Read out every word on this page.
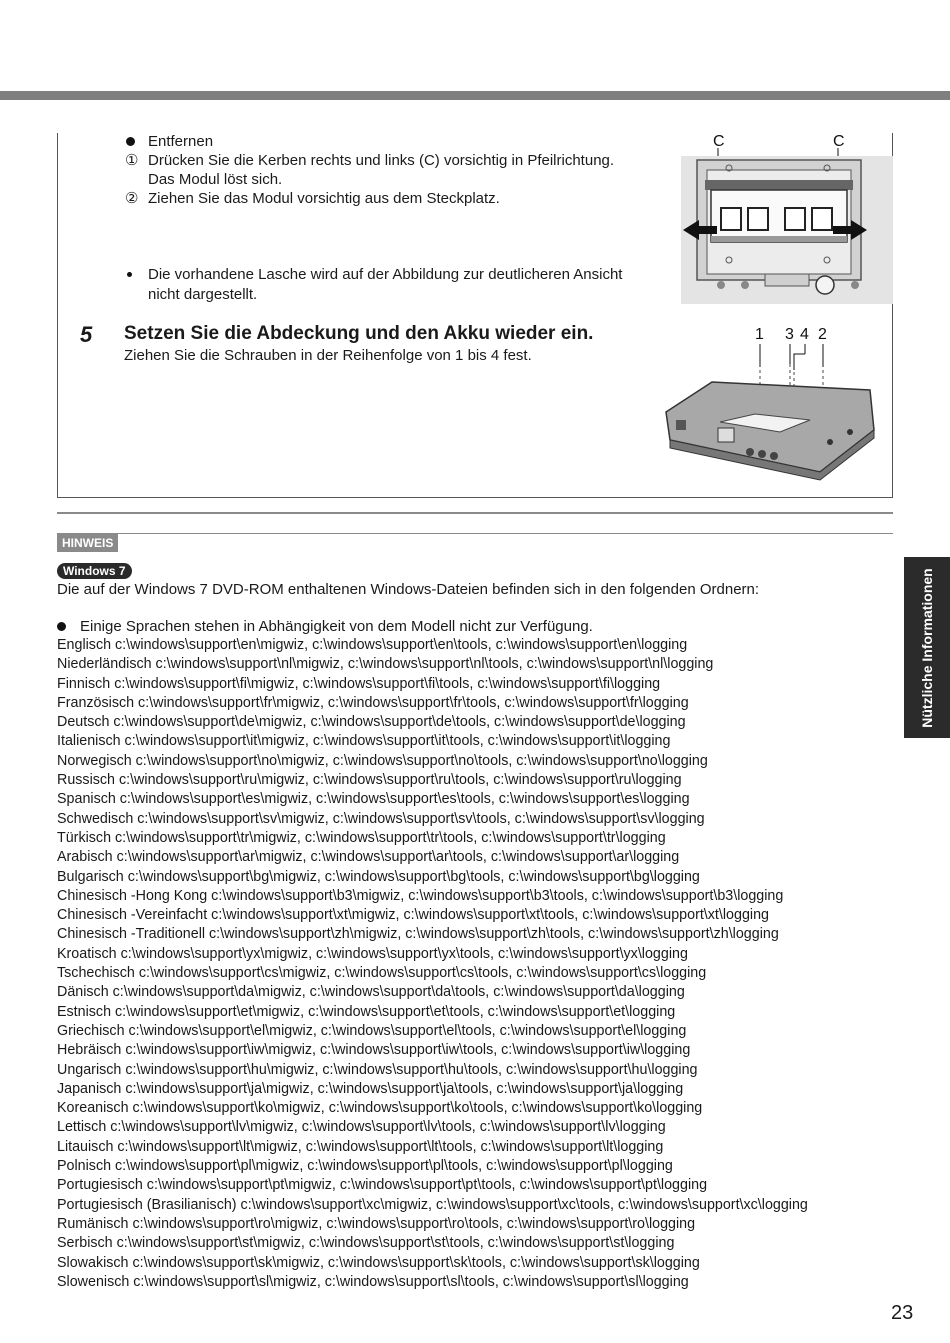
Entfernen
① Drücken Sie die Kerben rechts und links (C) vorsichtig in Pfeilrichtung.
Das Modul löst sich.
② Ziehen Sie das Modul vorsichtig aus dem Steckplatz.
Die vorhandene Lasche wird auf der Abbildung zur deutlicheren Ansicht
nicht dargestellt.
C	C
5 Setzen Sie die Abdeckung und den Akku wieder ein.
Ziehen Sie die Schrauben in der Reihenfolge von 1 bis 4 fest.
1 3 4 2
HINWEIS
Windows 7
Die auf der Windows 7 DVD-ROM enthaltenen Windows-Dateien befinden sich in den folgenden Ordnern:
Einige Sprachen stehen in Abhängigkeit von dem Modell nicht zur Verfügung.
Englisch c:\windows\support\en\migwiz, c:\windows\support\en\tools, c:\windows\support\en\logging
Niederländisch c:\windows\support\nl\migwiz, c:\windows\support\nl\tools, c:\windows\support\nl\logging
Finnisch c:\windows\support\fi\migwiz, c:\windows\support\fi\tools, c:\windows\support\fi\logging
Französisch c:\windows\support\fr\migwiz, c:\windows\support\fr\tools, c:\windows\support\fr\logging
Deutsch c:\windows\support\de\migwiz, c:\windows\support\de\tools, c:\windows\support\de\logging
Italienisch c:\windows\support\it\migwiz, c:\windows\support\it\tools, c:\windows\support\it\logging
Norwegisch c:\windows\support\no\migwiz, c:\windows\support\no\tools, c:\windows\support\no\logging
Russisch c:\windows\support\ru\migwiz, c:\windows\support\ru\tools, c:\windows\support\ru\logging
Spanisch c:\windows\support\es\migwiz, c:\windows\support\es\tools, c:\windows\support\es\logging
Schwedisch c:\windows\support\sv\migwiz, c:\windows\support\sv\tools, c:\windows\support\sv\logging
Türkisch c:\windows\support\tr\migwiz, c:\windows\support\tr\tools, c:\windows\support\tr\logging
Arabisch c:\windows\support\ar\migwiz, c:\windows\support\ar\tools, c:\windows\support\ar\logging
Bulgarisch c:\windows\support\bg\migwiz, c:\windows\support\bg\tools, c:\windows\support\bg\logging
Chinesisch -Hong Kong c:\windows\support\b3\migwiz, c:\windows\support\b3\tools, c:\windows\support\b3\logging
Chinesisch -Vereinfacht c:\windows\support\xt\migwiz, c:\windows\support\xt\tools, c:\windows\support\xt\logging
Chinesisch -Traditionell c:\windows\support\zh\migwiz, c:\windows\support\zh\tools, c:\windows\support\zh\logging
Kroatisch c:\windows\support\yx\migwiz, c:\windows\support\yx\tools, c:\windows\support\yx\logging
Tschechisch c:\windows\support\cs\migwiz, c:\windows\support\cs\tools, c:\windows\support\cs\logging
Dänisch c:\windows\support\da\migwiz, c:\windows\support\da\tools, c:\windows\support\da\logging
Estnisch c:\windows\support\et\migwiz, c:\windows\support\et\tools, c:\windows\support\et\logging
Griechisch c:\windows\support\el\migwiz, c:\windows\support\el\tools, c:\windows\support\el\logging
Hebräisch c:\windows\support\iw\migwiz, c:\windows\support\iw\tools, c:\windows\support\iw\logging
Ungarisch c:\windows\support\hu\migwiz, c:\windows\support\hu\tools, c:\windows\support\hu\logging
Japanisch c:\windows\support\ja\migwiz, c:\windows\support\ja\tools, c:\windows\support\ja\logging
Koreanisch c:\windows\support\ko\migwiz, c:\windows\support\ko\tools, c:\windows\support\ko\logging
Lettisch c:\windows\support\lv\migwiz, c:\windows\support\lv\tools, c:\windows\support\lv\logging
Litauisch c:\windows\support\lt\migwiz, c:\windows\support\lt\tools, c:\windows\support\lt\logging
Polnisch c:\windows\support\pl\migwiz, c:\windows\support\pl\tools, c:\windows\support\pl\logging
Portugiesisch c:\windows\support\pt\migwiz, c:\windows\support\pt\tools, c:\windows\support\pt\logging
Portugiesisch (Brasilianisch) c:\windows\support\xc\migwiz, c:\windows\support\xc\tools, c:\windows\support\xc\logging
Rumänisch c:\windows\support\ro\migwiz, c:\windows\support\ro\tools, c:\windows\support\ro\logging
Serbisch c:\windows\support\st\migwiz, c:\windows\support\st\tools, c:\windows\support\st\logging
Slowakisch c:\windows\support\sk\migwiz, c:\windows\support\sk\tools, c:\windows\support\sk\logging
Slowenisch c:\windows\support\sl\migwiz, c:\windows\support\sl\tools, c:\windows\support\sl\logging
Nützliche Informationen
23
